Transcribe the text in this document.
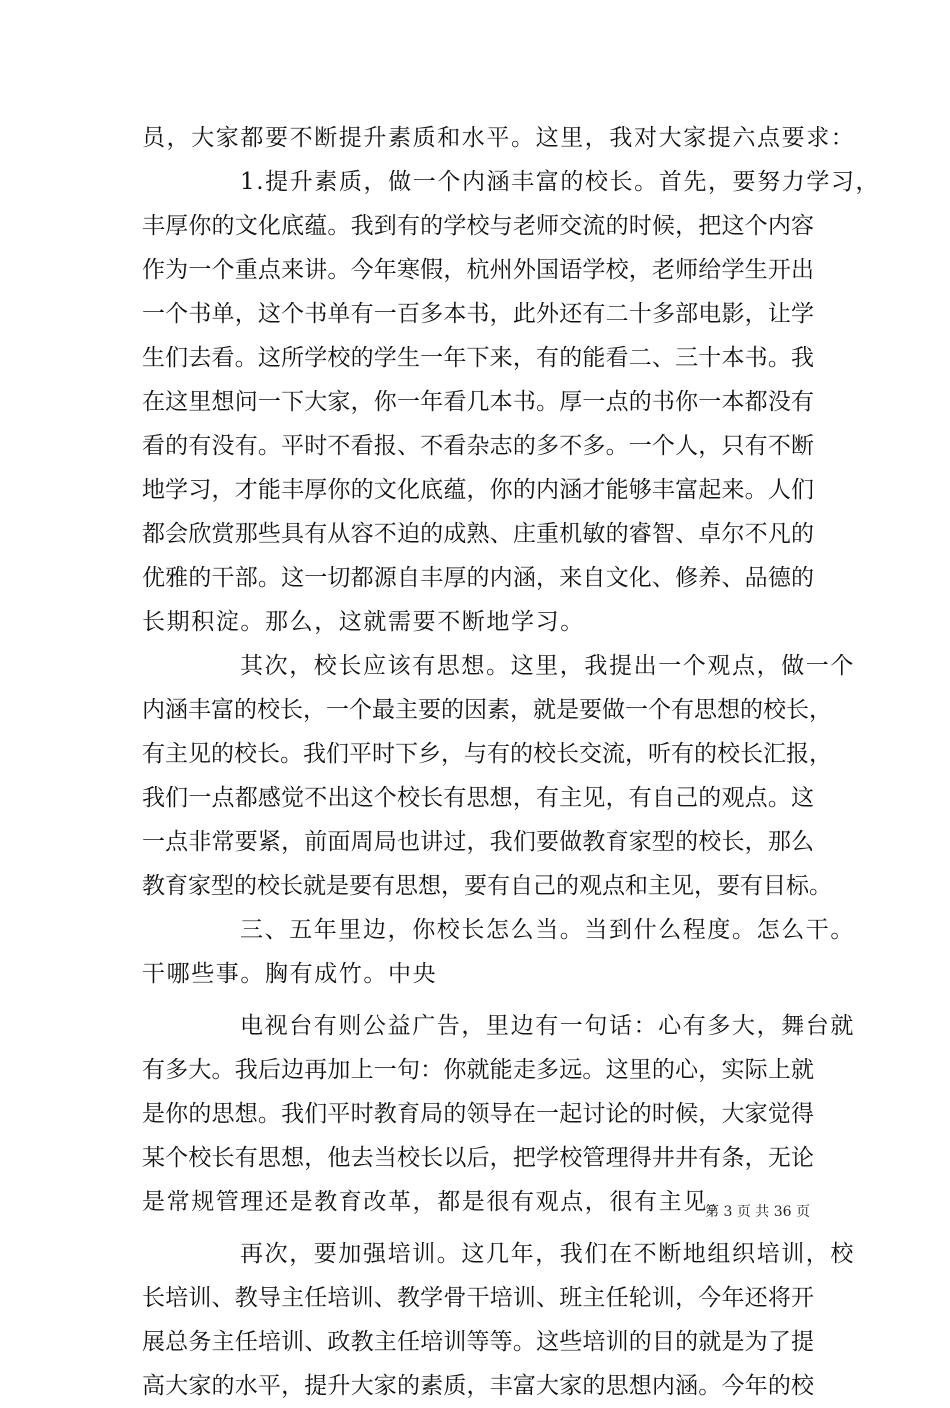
员，大家都要不断提升素质和水平。这里，我对大家提六点要求：
1.提升素质，做一个内涵丰富的校长。首先，要努力学习，
丰厚你的文化底蕴。我到有的学校与老师交流的时候，把这个内容
作为一个重点来讲。今年寒假，杭州外国语学校，老师给学生开出
一个书单，这个书单有一百多本书，此外还有二十多部电影，让学
生们去看。这所学校的学生一年下来，有的能看二、三十本书。我
在这里想问一下大家，你一年看几本书。厚一点的书你一本都没有
看的有没有。平时不看报、不看杂志的多不多。一个人，只有不断
地学习，才能丰厚你的文化底蕴，你的内涵才能够丰富起来。人们
都会欣赏那些具有从容不迫的成熟、庄重机敏的睿智、卓尔不凡的
优雅的干部。这一切都源自丰厚的内涵，来自文化、修养、品德的
长期积淀。那么，这就需要不断地学习。
其次，校长应该有思想。这里，我提出一个观点，做一个
内涵丰富的校长，一个最主要的因素，就是要做一个有思想的校长，
有主见的校长。我们平时下乡，与有的校长交流，听有的校长汇报，
我们一点都感觉不出这个校长有思想，有主见，有自己的观点。这
一点非常要紧，前面周局也讲过，我们要做教育家型的校长，那么
教育家型的校长就是要有思想，要有自己的观点和主见，要有目标。
三、五年里边，你校长怎么当。当到什么程度。怎么干。
干哪些事。胸有成竹。中央
电视台有则公益广告，里边有一句话：心有多大，舞台就
有多大。我后边再加上一句：你就能走多远。这里的心，实际上就
是你的思想。我们平时教育局的领导在一起讨论的时候，大家觉得
某个校长有思想，他去当校长以后，把学校管理得井井有条，无论
是常规管理还是教育改革，都是很有观点，很有主见。
再次，要加强培训。这几年，我们在不断地组织培训，校
长培训、教导主任培训、教学骨干培训、班主任轮训，今年还将开
展总务主任培训、政教主任培训等等。这些培训的目的就是为了提
高大家的水平，提升大家的素质，丰富大家的思想内涵。今年的校
第 3 页 共 36 页
